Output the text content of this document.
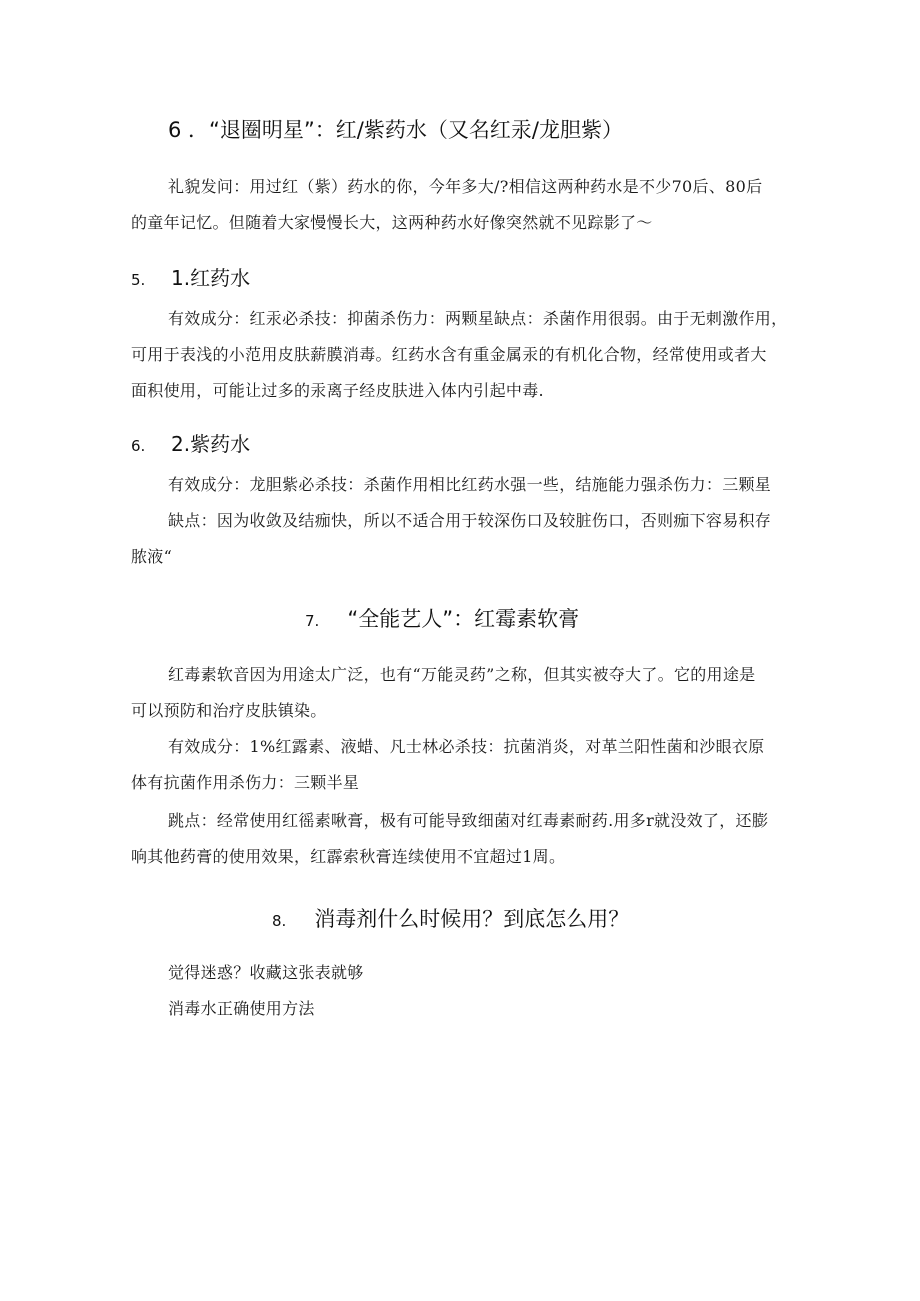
6 ．“退圈明星”：红/紫药水（又名红汞/龙胆紫）
礼貌发问：用过红（紫）药水的你，今年多大/?相信这两种药水是不少70后、80后
的童年记忆。但随着大家慢慢长大，这两种药水好像突然就不见踪影了～
5. 1.红药水
有效成分：红汞必杀技：抑菌杀伤力：两颗星缺点：杀菌作用很弱。由于无刺激作用，
可用于表浅的小范用皮肤薪膜消毒。红药水含有重金属汞的有机化合物，经常使用或者大
面积使用，可能让过多的汞离子经皮肤进入体内引起中毒.
6. 2.紫药水
有效成分：龙胆紫必杀技：杀菌作用相比红药水强一些，结施能力强杀伤力：三颗星
缺点：因为收敛及结痂快，所以不适合用于较深伤口及较脏伤口，否则痂下容易积存
脓液“
7. “全能艺人”：红霉素软膏
红毒素软音因为用途太广泛，也有“万能灵药”之称，但其实被夺大了。它的用途是
可以预防和治疗皮肤镇染。
有效成分：1%红露素、液蜡、凡士林必杀技：抗菌消炎，对革兰阳性菌和沙眼衣原
体有抗菌作用杀伤力：三颗半星
跳点：经常使用红徭素啾膏，极有可能导致细菌对红毒素耐药.用多r就没效了，还膨
响其他药膏的使用效果，红霹索秋膏连续使用不宜超过1周。
8. 消毒剂什么时候用？到底怎么用？
觉得迷惑？收藏这张表就够
消毒水正确使用方法
